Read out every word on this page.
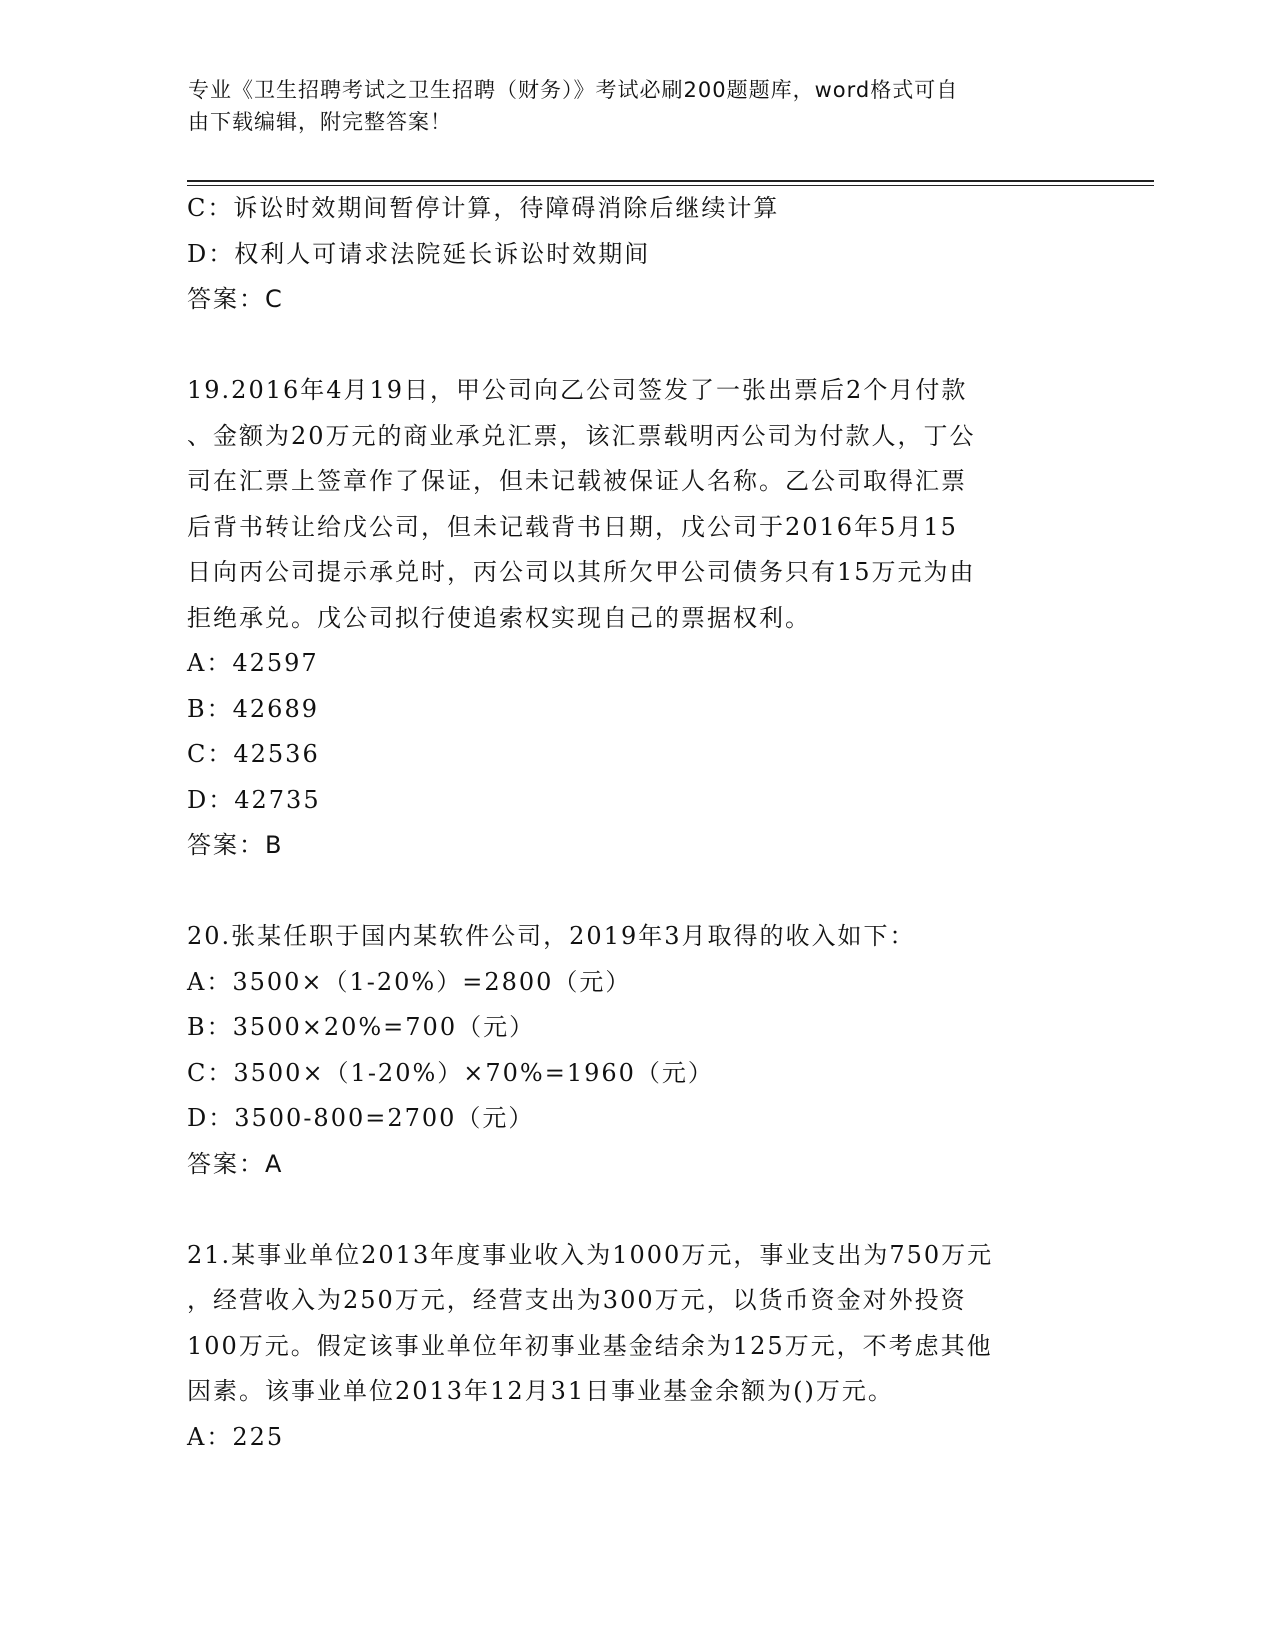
专业《卫生招聘考试之卫生招聘（财务）》考试必刷200题题库，word格式可自
由下载编辑，附完整答案！

C：诉讼时效期间暂停计算，待障碍消除后继续计算

D：权利人可请求法院延长诉讼时效期间

答案：C

19.2016年4月19日，甲公司向乙公司签发了一张出票后2个月付款

、金额为20万元的商业承兑汇票，该汇票载明丙公司为付款人，丁公

司在汇票上签章作了保证，但未记载被保证人名称。乙公司取得汇票

后背书转让给戊公司，但未记载背书日期，戊公司于2016年5月15

日向丙公司提示承兑时，丙公司以其所欠甲公司债务只有15万元为由

拒绝承兑。戊公司拟行使追索权实现自己的票据权利。

A：42597

B：42689

C：42536

D：42735

答案：B

20.张某任职于国内某软件公司，2019年3月取得的收入如下：

A：3500×（1-20%）=2800（元）

B：3500×20%=700（元）

C：3500×（1-20%）×70%=1960（元）

D：3500-800=2700（元）

答案：A

21.某事业单位2013年度事业收入为1000万元，事业支出为750万元

，经营收入为250万元，经营支出为300万元，以货币资金对外投资

100万元。假定该事业单位年初事业基金结余为125万元，不考虑其他

因素。该事业单位2013年12月31日事业基金余额为()万元。

A：225
